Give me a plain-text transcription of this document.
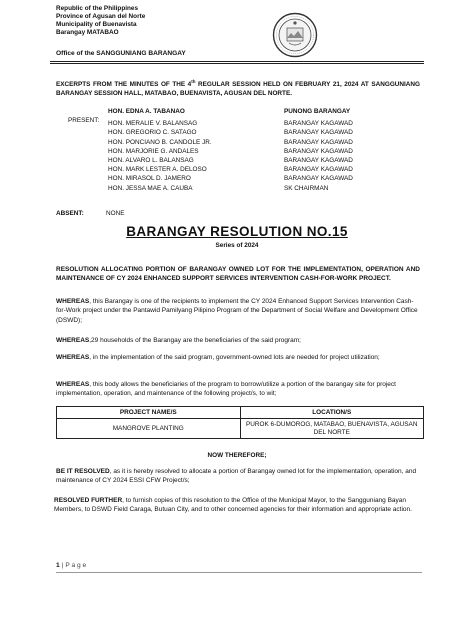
Republic of the Philippines
Province of Agusan del Norte
Municipality of Buenavista
Barangay MATABAO
Office of the SANGGUNIANG BARANGAY
EXCERPTS FROM THE MINUTES OF THE 4th REGULAR SESSION HELD ON FEBRUARY 21, 2024 AT SANGGUNIANG BARANGAY SESSION HALL, MATABAO, BUENAVISTA, AGUSAN DEL NORTE.
HON. EDNA A. TABANAO	PUNONG BARANGAY
PRESENT: HON. MERALIE V. BALANSAG	BARANGAY KAGAWAD
HON. GREGORIO C. SATAGO	BARANGAY KAGAWAD
HON. PONCIANO B. CANDOLE JR.	BARANGAY KAGAWAD
HON. MARJORIE G. ANDALES	BARANGAY KAGAWAD
HON. ALVARO L. BALANSAG	BARANGAY KAGAWAD
HON. MARK LESTER A. DELOSO	BARANGAY KAGAWAD
HON. MIRASOL D. JAMERO	BARANGAY KAGAWAD
HON. JESSA MAE A. CAUBA	SK CHAIRMAN
ABSENT:	NONE
BARANGAY RESOLUTION NO.15
Series of 2024
RESOLUTION ALLOCATING PORTION OF BARANGAY OWNED LOT FOR THE IMPLEMENTATION, OPERATION AND MAINTENANCE OF CY 2024 ENHANCED SUPPORT SERVICES INTERVENTION CASH-FOR-WORK PROJECT.
WHEREAS, this Barangay is one of the recipients to implement the CY 2024 Enhanced Support Services Intervention Cash-for-Work project under the Pantawid Pamilyang Pilipino Program of the Department of Social Welfare and Development Office (DSWD);
WHEREAS,29 households of the Barangay are the beneficiaries of the said program;
WHEREAS, in the implementation of the said program, government-owned lots are needed for project utilization;
WHEREAS, this body allows the beneficiaries of the program to borrow/utilize a portion of the barangay site for project implementation, operation, and maintenance of the following project/s, to wit;
PROJECT NAME/S	LOCATION/S
MANGROVE PLANTING	PUROK 6-DUMOROG, MATABAO, BUENAVISTA, AGUSAN DEL NORTE
NOW THEREFORE;
BE IT RESOLVED, as it is hereby resolved to allocate a portion of Barangay owned lot for the implementation, operation, and maintenance of CY 2024 ESSI CFW Project/s;
RESOLVED FURTHER, to furnish copies of this resolution to the Office of the Municipal Mayor, to the Sangguniang Bayan Members, to DSWD Field Caraga, Butuan City, and to other concerned agencies for their information and appropriate action.
1 | P a g e
